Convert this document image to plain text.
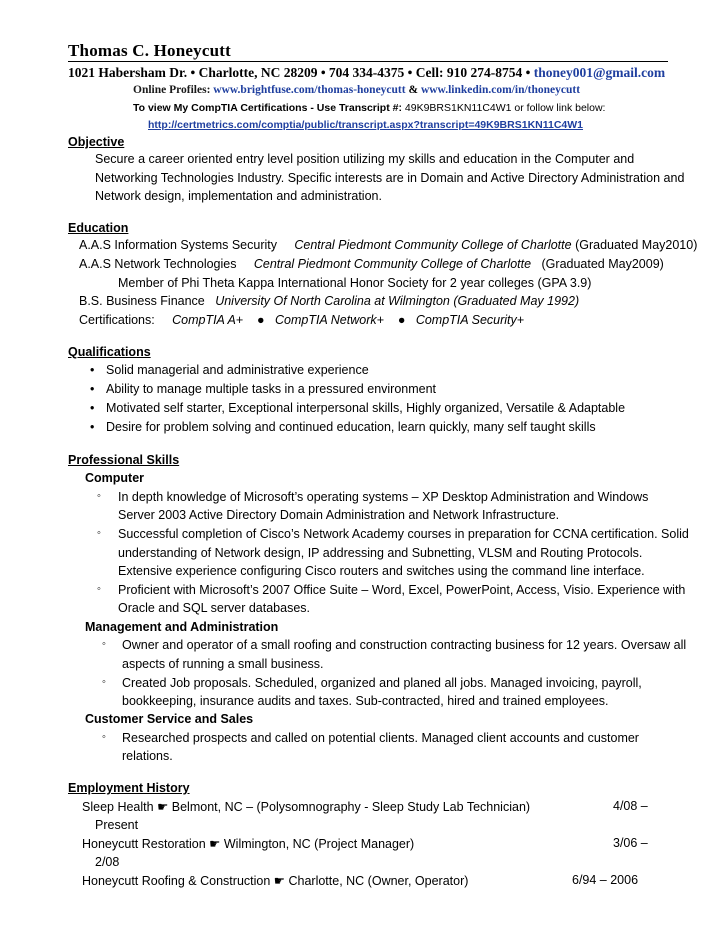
Thomas C. Honeycutt
1021 Habersham Dr. • Charlotte, NC 28209 • 704 334-4375 • Cell: 910 274-8754 • thoney001@gmail.com
Online Profiles: www.brightfuse.com/thomas-honeycutt & www.linkedin.com/in/thoneycutt
To view My CompTIA Certifications - Use Transcript #: 49K9BRS1KN11C4W1 or follow link below:
http://certmetrics.com/comptia/public/transcript.aspx?transcript=49K9BRS1KN11C4W1
Objective
Secure a career oriented entry level position utilizing my skills and education in the Computer and
Networking Technologies Industry. Specific interests are in Domain and Active Directory Administration and
Network design, implementation and administration.
Education
A.A.S Information Systems Security Central Piedmont Community College of Charlotte (Graduated May2010)
A.A.S Network Technologies Central Piedmont Community College of Charlotte (Graduated May2009)
Member of Phi Theta Kappa International Honor Society for 2 year colleges (GPA 3.9)
B.S. Business Finance University Of North Carolina at Wilmington (Graduated May 1992)
Certifications: CompTIA A+ ● CompTIA Network+ ● CompTIA Security+
Qualifications
• Solid managerial and administrative experience
• Ability to manage multiple tasks in a pressured environment
• Motivated self starter, Exceptional interpersonal skills, Highly organized, Versatile & Adaptable
• Desire for problem solving and continued education, learn quickly, many self taught skills
Professional Skills
Computer
◦ In depth knowledge of Microsoft’s operating systems – XP Desktop Administration and Windows
Server 2003 Active Directory Domain Administration and Network Infrastructure.
◦ Successful completion of Cisco’s Network Academy courses in preparation for CCNA certification. Solid
understanding of Network design, IP addressing and Subnetting, VLSM and Routing Protocols.
Extensive experience configuring Cisco routers and switches using the command line interface.
◦ Proficient with Microsoft’s 2007 Office Suite – Word, Excel, PowerPoint, Access, Visio. Experience with
Oracle and SQL server databases.
Management and Administration
◦ Owner and operator of a small roofing and construction contracting business for 12 years. Oversaw all
aspects of running a small business.
◦ Created Job proposals. Scheduled, organized and planed all jobs. Managed invoicing, payroll,
bookkeeping, insurance audits and taxes. Sub-contracted, hired and trained employees.
Customer Service and Sales
◦ Researched prospects and called on potential clients. Managed client accounts and customer
relations.
Employment History
Sleep Health ☛ Belmont, NC – (Polysomnography - Sleep Study Lab Technician)	4/08 –
Present
Honeycutt Restoration ☛ Wilmington, NC (Project Manager)	3/06 –
2/08
Honeycutt Roofing & Construction ☛ Charlotte, NC (Owner, Operator)	6/94 – 2006
